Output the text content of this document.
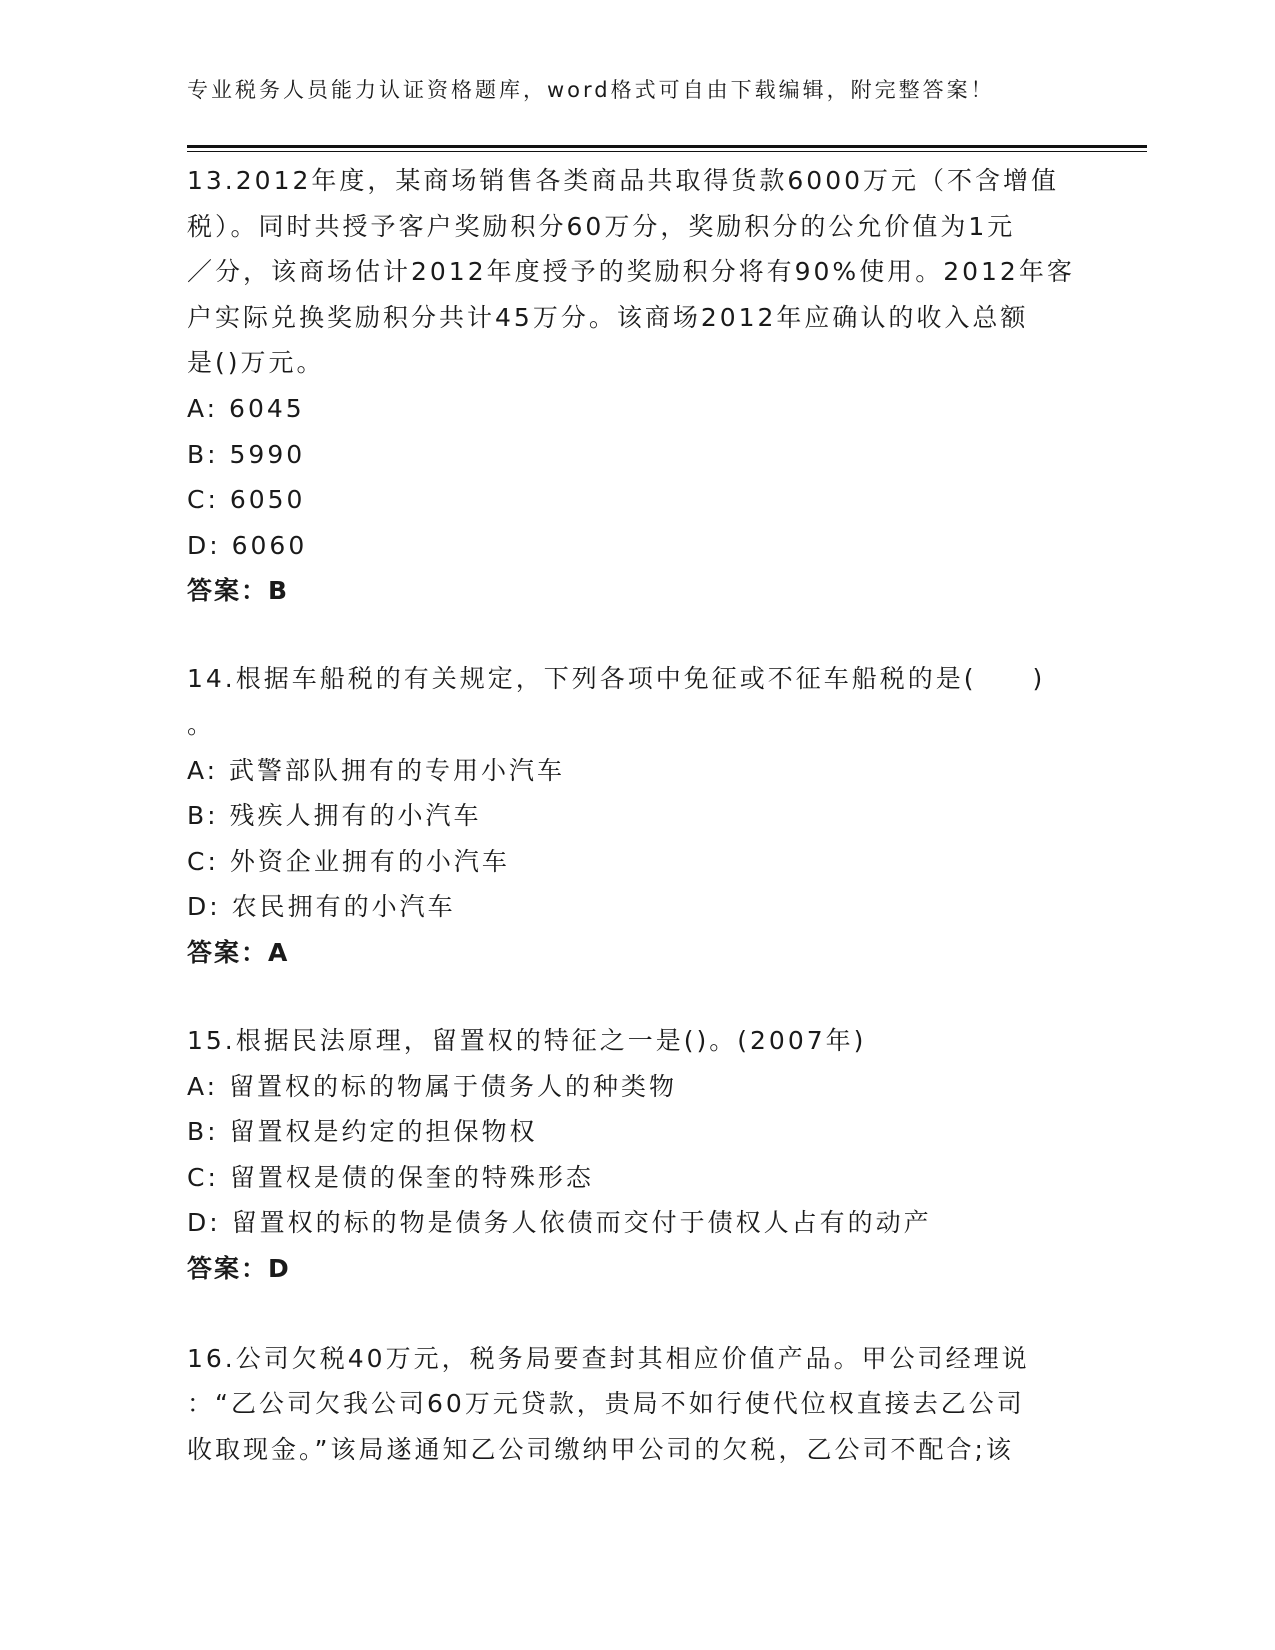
专业税务人员能力认证资格题库，word格式可自由下载编辑，附完整答案！

13.2012年度，某商场销售各类商品共取得货款6000万元（不含增值

税）。同时共授予客户奖励积分60万分，奖励积分的公允价值为1元

／分，该商场估计2012年度授予的奖励积分将有90%使用。2012年客

户实际兑换奖励积分共计45万分。该商场2012年应确认的收入总额

是()万元。

A: 6045

B: 5990

C: 6050

D: 6060

答案：B

14.根据车船税的有关规定，下列各项中免征或不征车船税的是(　　)

。

A: 武警部队拥有的专用小汽车

B: 残疾人拥有的小汽车

C: 外资企业拥有的小汽车

D: 农民拥有的小汽车

答案：A

15.根据民法原理，留置权的特征之一是()。(2007年)

A: 留置权的标的物属于债务人的种类物

B: 留置权是约定的担保物权

C: 留置权是债的保奎的特殊形态

D: 留置权的标的物是债务人依债而交付于债权人占有的动产

答案：D

16.公司欠税40万元，税务局要查封其相应价值产品。甲公司经理说

：“乙公司欠我公司60万元贷款，贵局不如行使代位权直接去乙公司

收取现金。”该局遂通知乙公司缴纳甲公司的欠税，乙公司不配合;该
